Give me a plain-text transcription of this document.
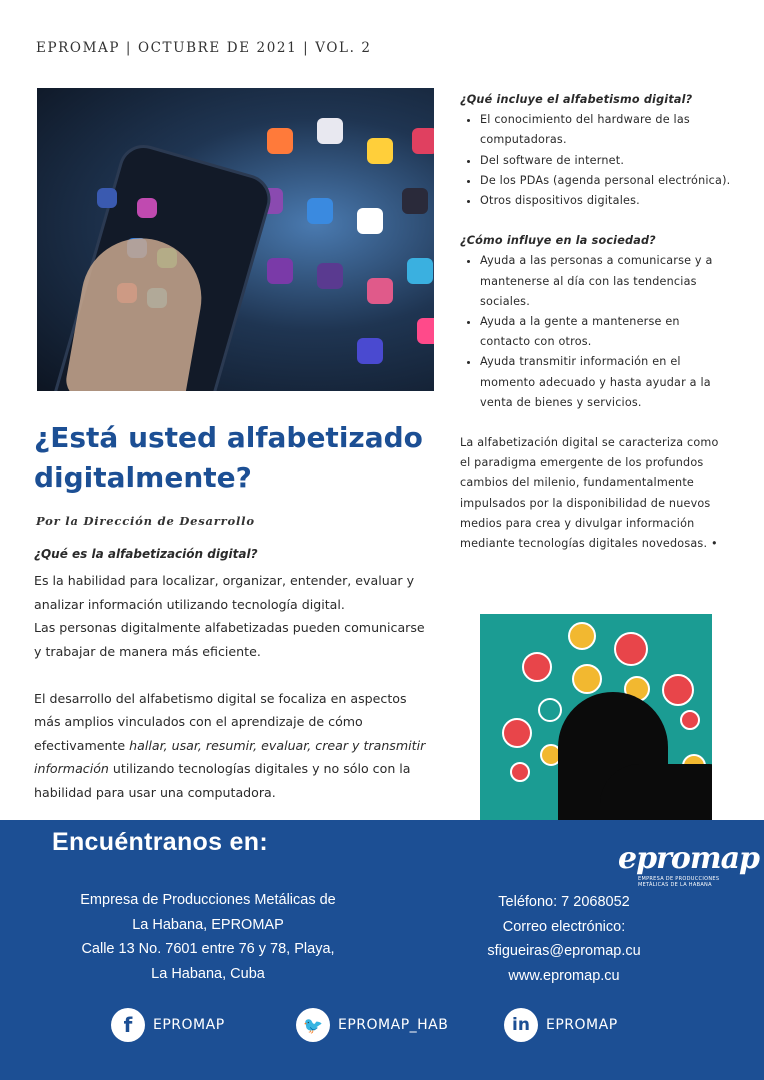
EPROMAP | OCTUBRE DE 2021 | VOL. 2
¿Está usted alfabetizado
digitalmente?
Por la Dirección de Desarrollo
¿Qué es la alfabetización digital?

Es la habilidad para localizar, organizar, entender, evaluar y analizar información utilizando tecnología digital.

Las personas digitalmente alfabetizadas pueden comunicarse y trabajar de manera más eficiente.

El desarrollo del alfabetismo digital se focaliza en aspectos más amplios vinculados con el aprendizaje de cómo efectivamente hallar, usar, resumir, evaluar, crear y transmitir información utilizando tecnologías digitales y no sólo con la habilidad para usar una computadora.

¿Qué incluye el alfabetismo digital?

• El conocimiento del hardware de las computadoras.
• Del software de internet.
• De los PDAs (agenda personal electrónica).
• Otros dispositivos digitales.

¿Cómo influye en la sociedad?

• Ayuda a las personas a comunicarse y a mantenerse al día con las tendencias sociales.
• Ayuda a la gente a mantenerse en contacto con otros.
• Ayuda transmitir información en el momento adecuado y hasta ayudar a la venta de bienes y servicios.

La alfabetización digital se caracteriza como el paradigma emergente de los profundos cambios del milenio, fundamentalmente impulsados por la disponibilidad de nuevos medios para crea y divulgar información mediante tecnologías digitales novedosas. •

Encuéntranos en:	epromap
EMPRESA DE PRODUCCIONES METÁLICAS DE LA HABANA
Empresa de Producciones Metálicas de
La Habana, EPROMAP
Calle 13 No. 7601 entre 76 y 78, Playa,
La Habana, Cuba
Teléfono: 7 2068052
Correo electrónico:
sfigueiras@epromap.cu
www.epromap.cu
f	EPROMAP	🐦	EPROMAP_HAB	in	EPROMAP
